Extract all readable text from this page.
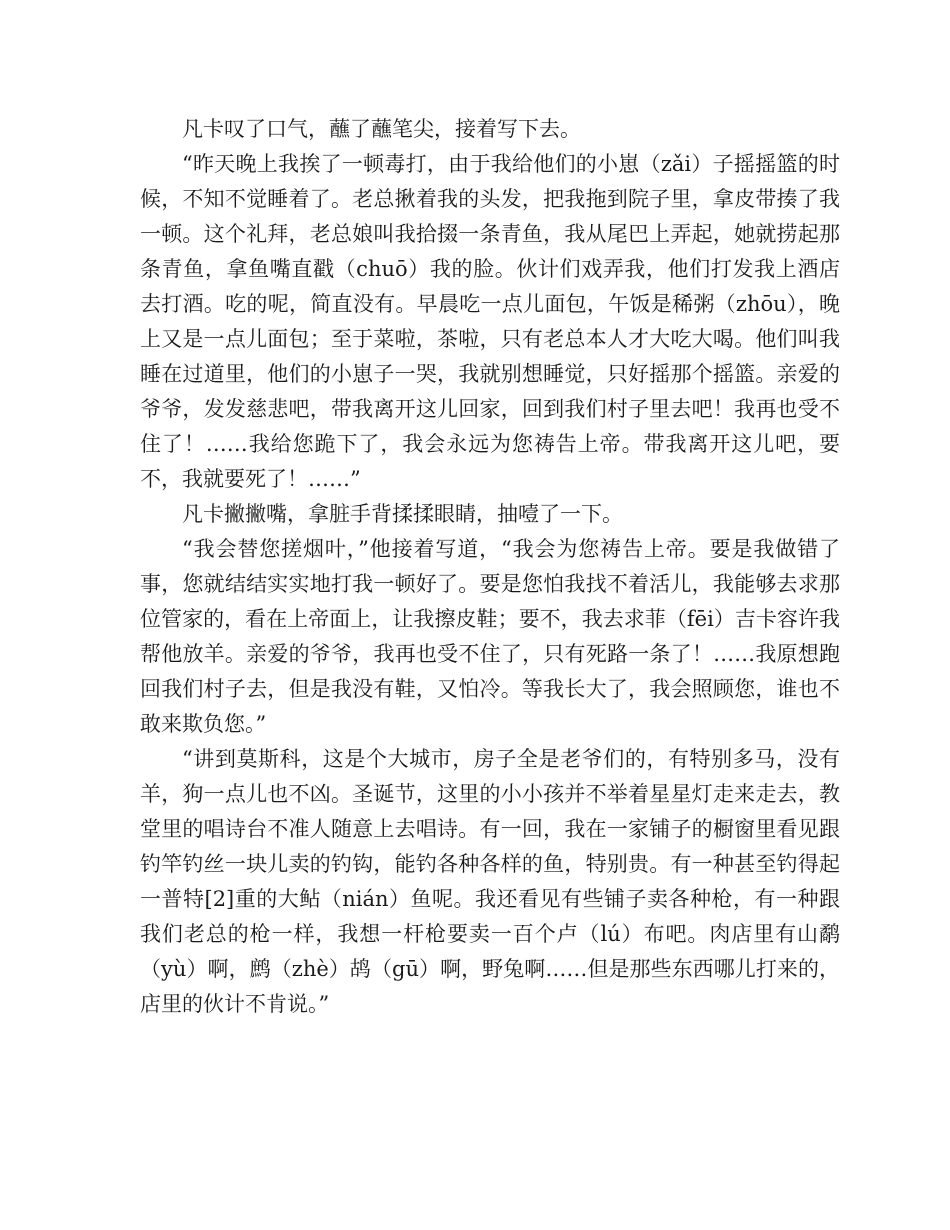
凡卡叹了口气，蘸了蘸笔尖，接着写下去。

“昨天晚上我挨了一顿毒打，由于我给他们的小崽（zǎi）子摇摇篮的时候，不知不觉睡着了。老总揪着我的头发，把我拖到院子里，拿皮带揍了我一顿。这个礼拜，老总娘叫我拾掇一条青鱼，我从尾巴上弄起，她就捞起那条青鱼，拿鱼嘴直戳（chuō）我的脸。伙计们戏弄我，他们打发我上酒店去打酒。吃的呢，简直没有。早晨吃一点儿面包，午饭是稀粥（zhōu），晚上又是一点儿面包；至于菜啦，茶啦，只有老总本人才大吃大喝。他们叫我睡在过道里，他们的小崽子一哭，我就别想睡觉，只好摇那个摇篮。亲爱的爷爷，发发慈悲吧，带我离开这儿回家，回到我们村子里去吧！我再也受不住了！……我给您跪下了，我会永远为您祷告上帝。带我离开这儿吧，要不，我就要死了！……”

凡卡撇撇嘴，拿脏手背揉揉眼睛，抽噎了一下。

“我会替您搓烟叶，”他接着写道，“我会为您祷告上帝。要是我做错了事，您就结结实实地打我一顿好了。要是您怕我找不着活儿，我能够去求那位管家的，看在上帝面上，让我擦皮鞋；要不，我去求菲（fēi）吉卡容许我帮他放羊。亲爱的爷爷，我再也受不住了，只有死路一条了！……我原想跑回我们村子去，但是我没有鞋，又怕冷。等我长大了，我会照顾您，谁也不敢来欺负您。”

“讲到莫斯科，这是个大城市，房子全是老爷们的，有特别多马，没有羊，狗一点儿也不凶。圣诞节，这里的小小孩并不举着星星灯走来走去，教堂里的唱诗台不准人随意上去唱诗。有一回，我在一家铺子的橱窗里看见跟钓竿钓丝一块儿卖的钓钩，能钓各种各样的鱼，特别贵。有一种甚至钓得起一普特[2]重的大鲇（nián）鱼呢。我还看见有些铺子卖各种枪，有一种跟我们老总的枪一样，我想一杆枪要卖一百个卢（lú）布吧。肉店里有山鹬（yù）啊，鹧（zhè）鸪（gū）啊，野兔啊……但是那些东西哪儿打来的，店里的伙计不肯说。”
